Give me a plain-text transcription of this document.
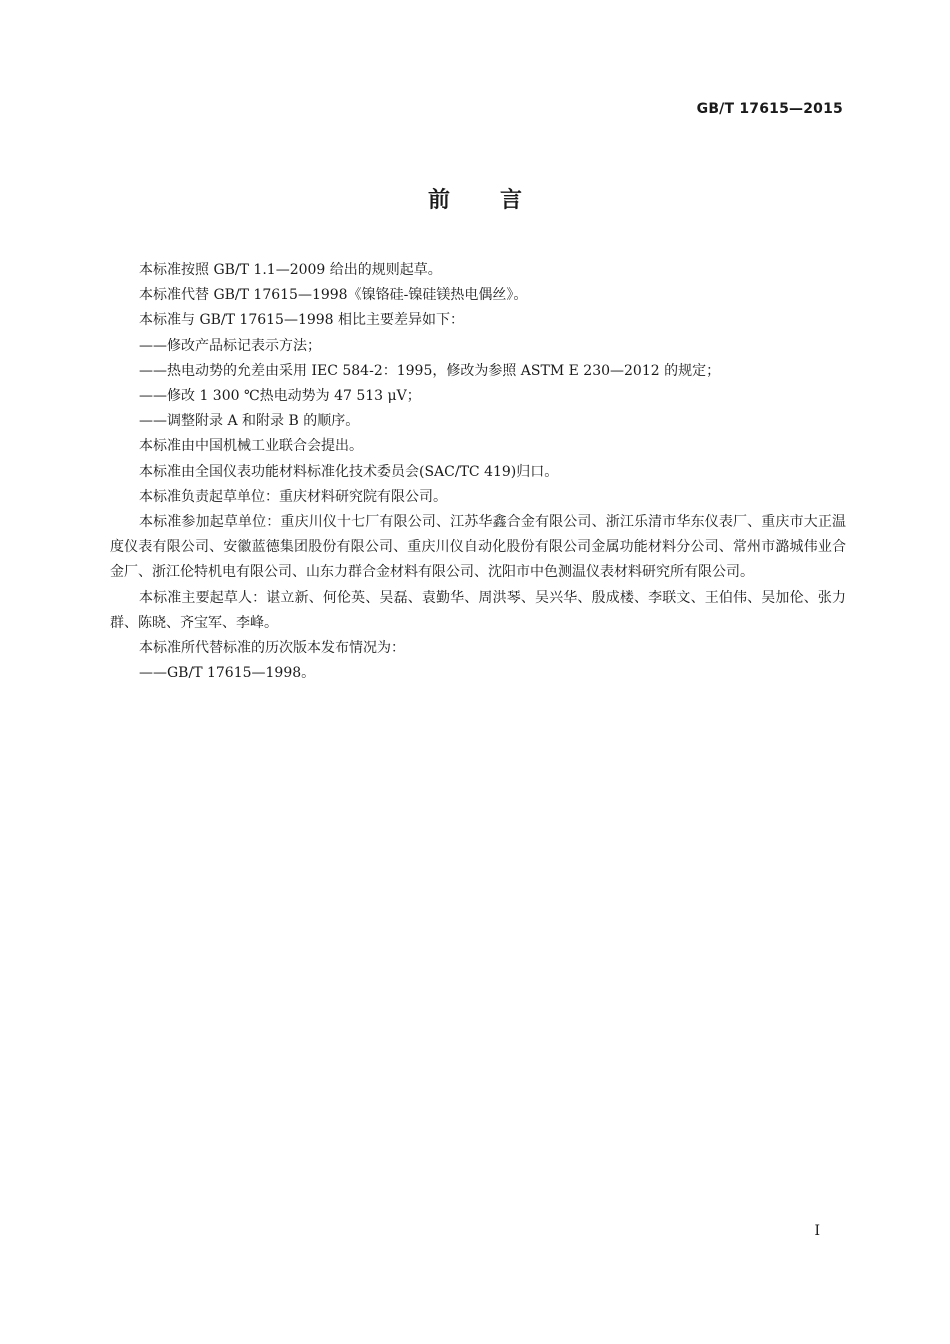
GB/T 17615—2015
前言

本标准按照 GB/T 1.1—2009 给出的规则起草。

本标准代替 GB/T 17615—1998《镍铬硅-镍硅镁热电偶丝》。

本标准与 GB/T 17615—1998 相比主要差异如下：

——修改产品标记表示方法；

——热电动势的允差由采用 IEC 584-2：1995，修改为参照 ASTM E 230—2012 的规定；

——修改 1 300 ℃热电动势为 47 513 μV；

——调整附录 A 和附录 B 的顺序。

本标准由中国机械工业联合会提出。

本标准由全国仪表功能材料标准化技术委员会(SAC/TC 419)归口。

本标准负责起草单位：重庆材料研究院有限公司。

本标准参加起草单位：重庆川仪十七厂有限公司、江苏华鑫合金有限公司、浙江乐清市华东仪表厂、重庆市大正温度仪表有限公司、安徽蓝德集团股份有限公司、重庆川仪自动化股份有限公司金属功能材料分公司、常州市潞城伟业合金厂、浙江伦特机电有限公司、山东力群合金材料有限公司、沈阳市中色测温仪表材料研究所有限公司。

本标准主要起草人：谌立新、何伦英、吴磊、袁勤华、周洪琴、吴兴华、殷成楼、李联文、王伯伟、吴加伦、张力群、陈晓、齐宝军、李峰。

本标准所代替标准的历次版本发布情况为：

——GB/T 17615—1998。

I
